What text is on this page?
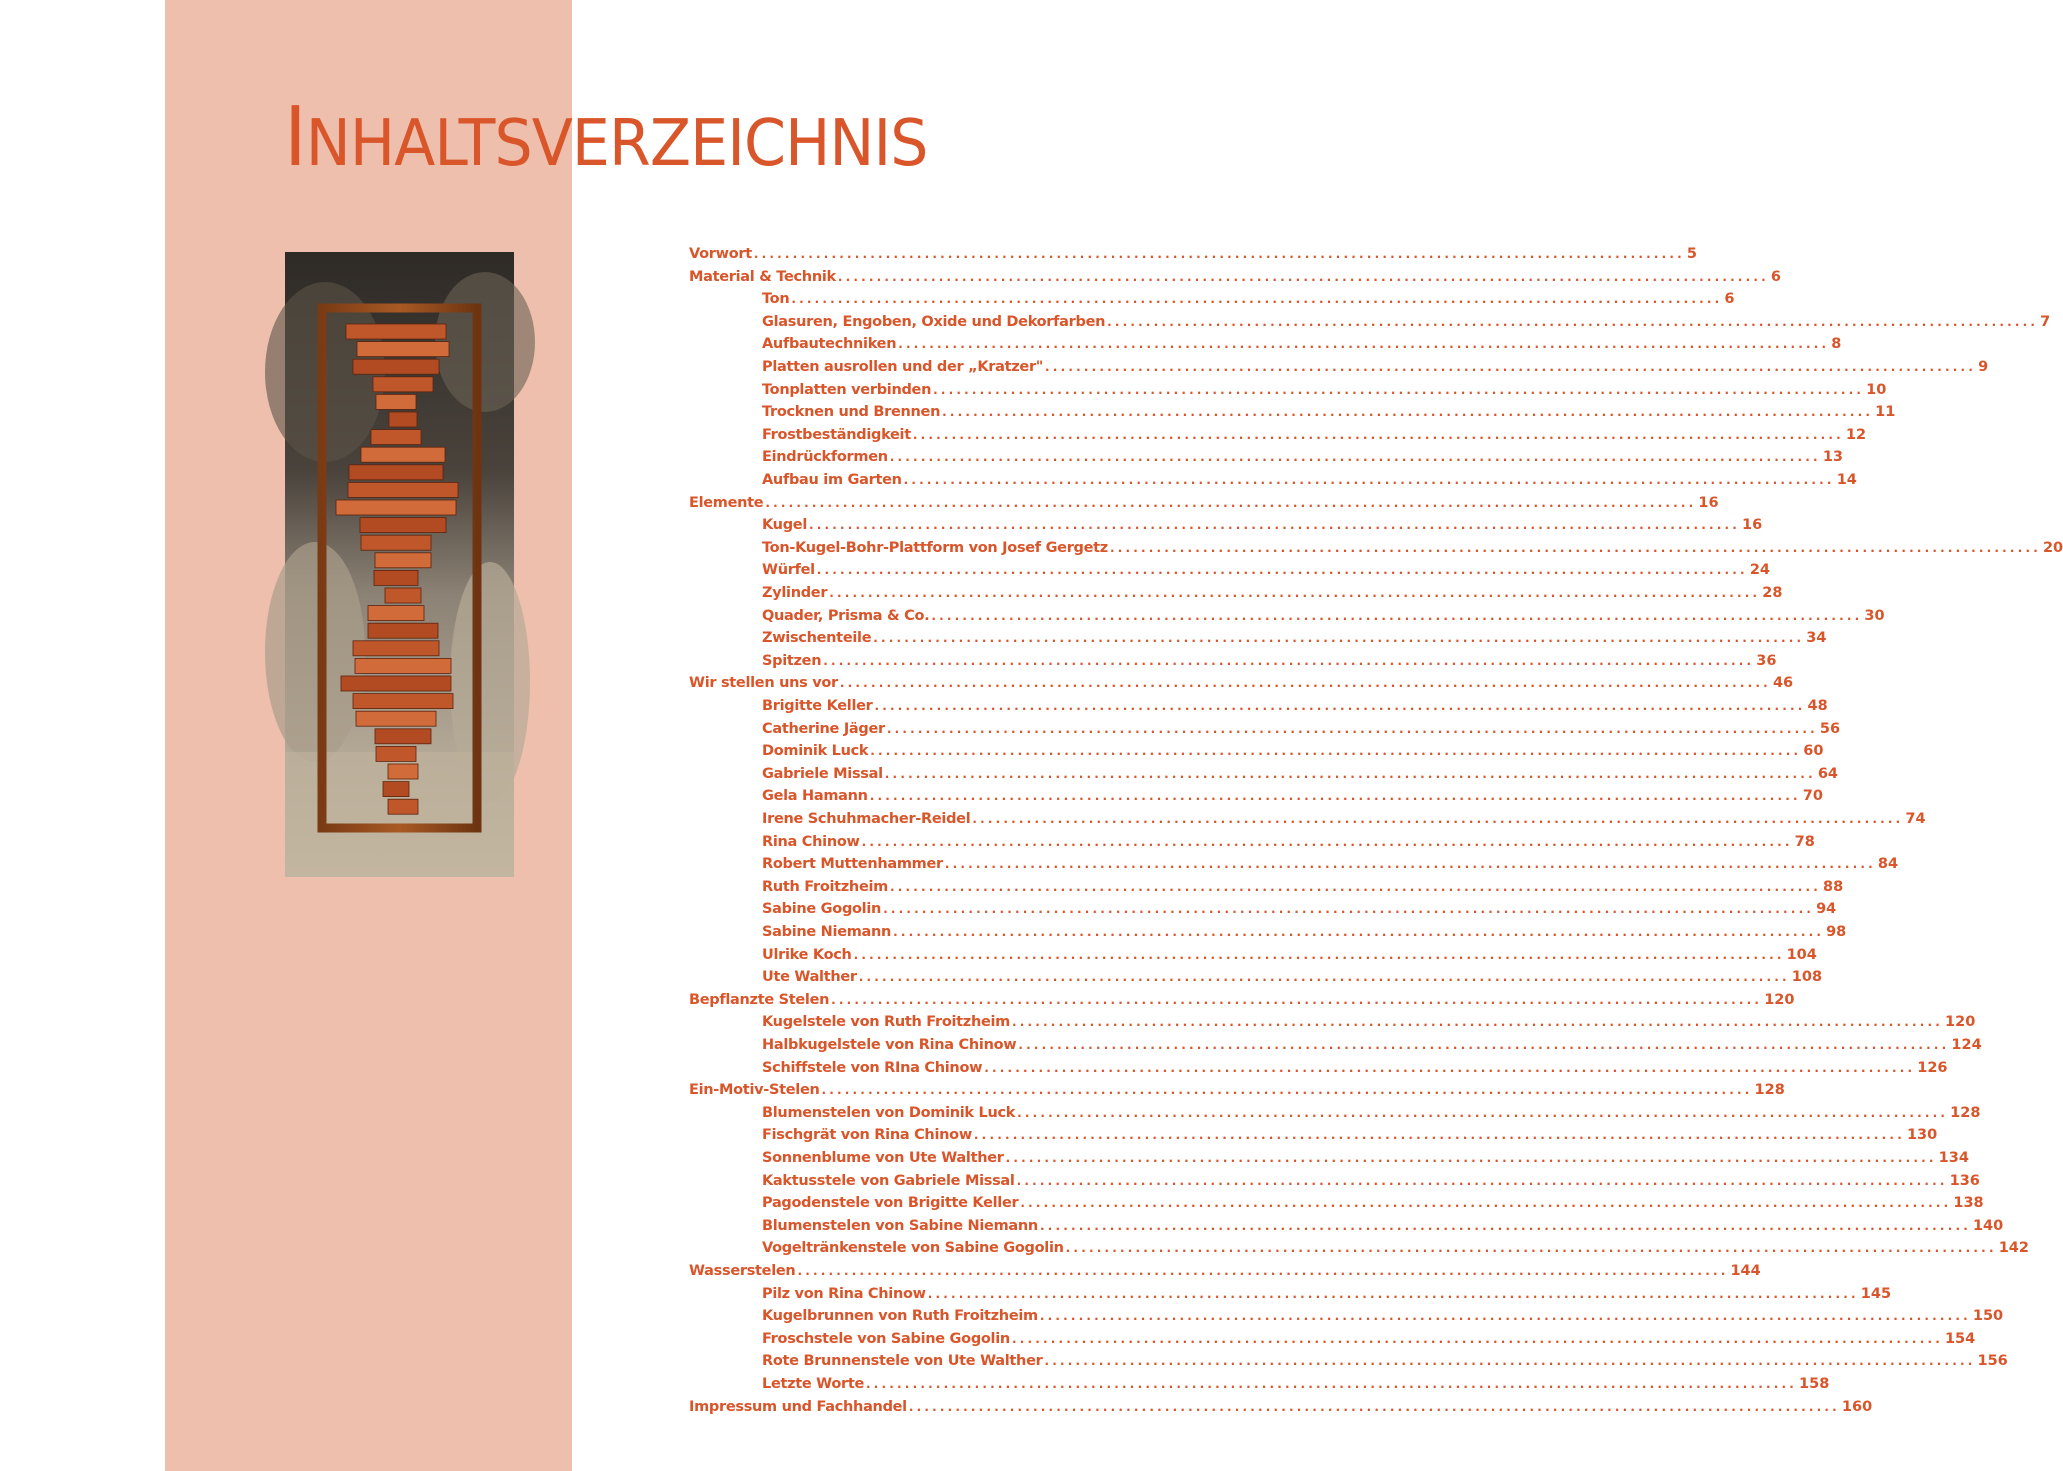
INHALTSVERZEICHNIS
Vorwort ........................................................................................................................ 5
Material & Technik ........................................................................................................................ 6
Ton ........................................................................................................................ 6
Glasuren, Engoben, Oxide und Dekorfarben ........................................................................................................................ 7
Aufbautechniken ........................................................................................................................ 8
Platten ausrollen und der „Kratzer" ........................................................................................................................ 9
Tonplatten verbinden ........................................................................................................................ 10
Trocknen und Brennen ........................................................................................................................ 11
Frostbeständigkeit ........................................................................................................................ 12
Eindrückformen ........................................................................................................................ 13
Aufbau im Garten ........................................................................................................................ 14
Elemente ........................................................................................................................ 16
Kugel ........................................................................................................................ 16
Ton-Kugel-Bohr-Plattform von Josef Gergetz ........................................................................................................................ 20
Würfel ........................................................................................................................ 24
Zylinder ........................................................................................................................ 28
Quader, Prisma & Co. ........................................................................................................................ 30
Zwischenteile ........................................................................................................................ 34
Spitzen ........................................................................................................................ 36
Wir stellen uns vor ........................................................................................................................ 46
Brigitte Keller ........................................................................................................................ 48
Catherine Jäger ........................................................................................................................ 56
Dominik Luck ........................................................................................................................ 60
Gabriele Missal ........................................................................................................................ 64
Gela Hamann ........................................................................................................................ 70
Irene Schuhmacher-Reidel ........................................................................................................................ 74
Rina Chinow ........................................................................................................................ 78
Robert Muttenhammer ........................................................................................................................ 84
Ruth Froitzheim ........................................................................................................................ 88
Sabine Gogolin ........................................................................................................................ 94
Sabine Niemann ........................................................................................................................ 98
Ulrike Koch ........................................................................................................................ 104
Ute Walther ........................................................................................................................ 108
Bepflanzte Stelen ........................................................................................................................ 120
Kugelstele von Ruth Froitzheim ........................................................................................................................ 120
Halbkugelstele von Rina Chinow ........................................................................................................................ 124
Schiffstele von RIna Chinow ........................................................................................................................ 126
Ein-Motiv-Stelen ........................................................................................................................ 128
Blumenstelen von Dominik Luck ........................................................................................................................ 128
Fischgrät von Rina Chinow ........................................................................................................................ 130
Sonnenblume von Ute Walther ........................................................................................................................ 134
Kaktusstele von Gabriele Missal ........................................................................................................................ 136
Pagodenstele von Brigitte Keller ........................................................................................................................ 138
Blumenstelen von Sabine Niemann ........................................................................................................................ 140
Vogeltränkenstele von Sabine Gogolin ........................................................................................................................ 142
Wasserstelen ........................................................................................................................ 144
Pilz von Rina Chinow ........................................................................................................................ 145
Kugelbrunnen von Ruth Froitzheim ........................................................................................................................ 150
Froschstele von Sabine Gogolin ........................................................................................................................ 154
Rote Brunnenstele von Ute Walther ........................................................................................................................ 156
Letzte Worte ........................................................................................................................ 158
Impressum und Fachhandel ........................................................................................................................ 160
